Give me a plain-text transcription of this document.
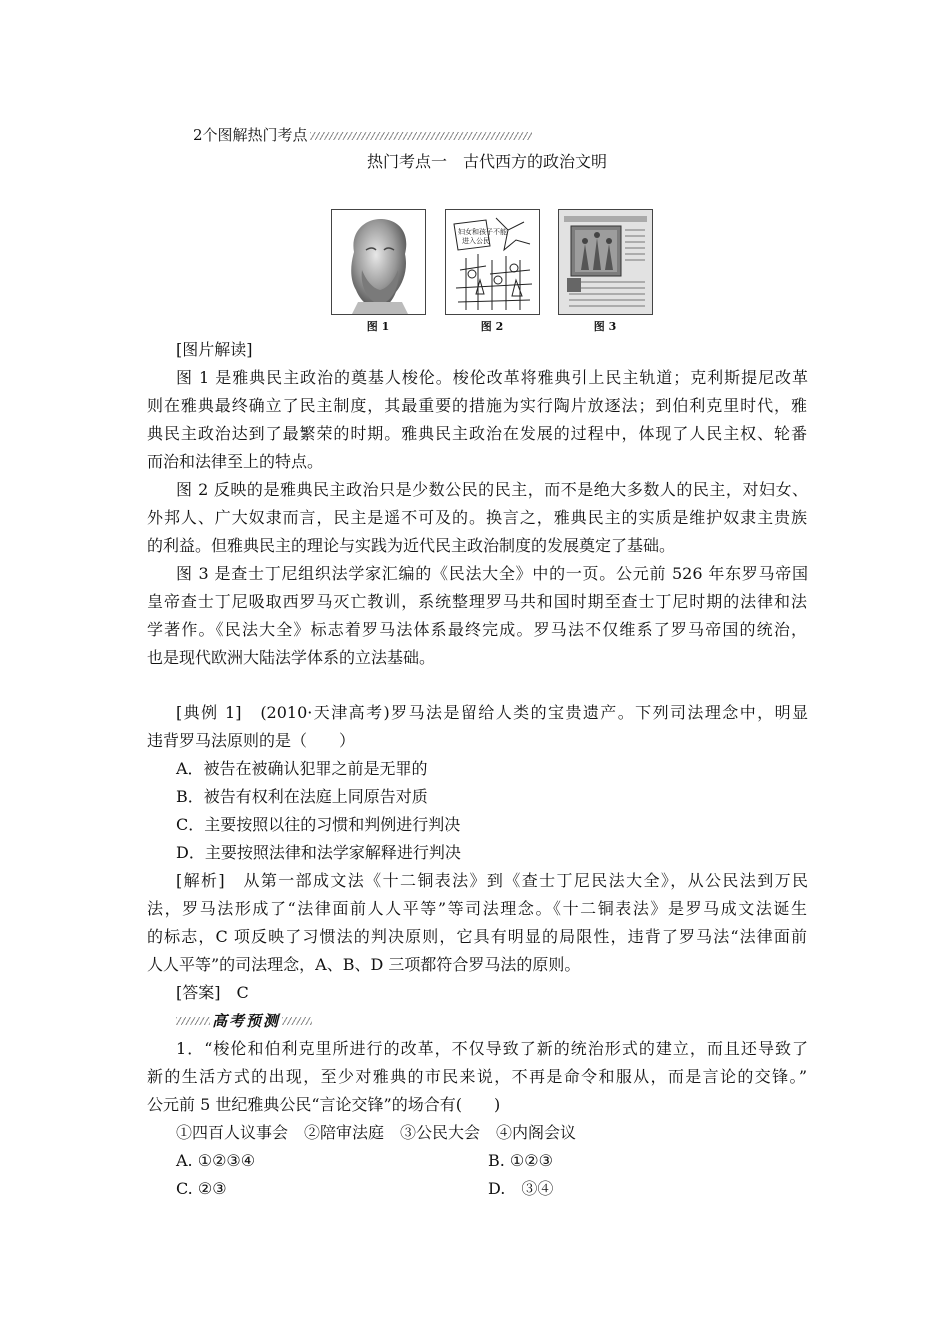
2个图解热门考点
热门考点一　古代西方的政治文明
妇女和孩子不能
进入公民
图 1	图 2	图 3
[图片解读]
图 1 是雅典民主政治的奠基人梭伦。梭伦改革将雅典引上民主轨道；克利斯提尼改革
则在雅典最终确立了民主制度，其最重要的措施为实行陶片放逐法；到伯利克里时代，雅
典民主政治达到了最繁荣的时期。雅典民主政治在发展的过程中，体现了人民主权、轮番
而治和法律至上的特点。
图 2 反映的是雅典民主政治只是少数公民的民主，而不是绝大多数人的民主，对妇女、
外邦人、广大奴隶而言，民主是遥不可及的。换言之，雅典民主的实质是维护奴隶主贵族
的利益。但雅典民主的理论与实践为近代民主政治制度的发展奠定了基础。
图 3 是查士丁尼组织法学家汇编的《民法大全》中的一页。公元前 526 年东罗马帝国
皇帝查士丁尼吸取西罗马灭亡教训，系统整理罗马共和国时期至查士丁尼时期的法律和法
学著作。《民法大全》标志着罗马法体系最终完成。罗马法不仅维系了罗马帝国的统治，
也是现代欧洲大陆法学体系的立法基础。
[典例 1]　(2010·天津高考)罗马法是留给人类的宝贵遗产。下列司法理念中，明显
违背罗马法原则的是（　　）
A．被告在被确认犯罪之前是无罪的
B．被告有权利在法庭上同原告对质
C．主要按照以往的习惯和判例进行判决
D．主要按照法律和法学家解释进行判决
[解析]　从第一部成文法《十二铜表法》到《查士丁尼民法大全》，从公民法到万民
法，罗马法形成了“法律面前人人平等”等司法理念。《十二铜表法》是罗马成文法诞生
的标志，C 项反映了习惯法的判决原则，它具有明显的局限性，违背了罗马法“法律面前
人人平等”的司法理念，A、B、D 三项都符合罗马法的原则。
[答案]　C
高考预测
1．“梭伦和伯利克里所进行的改革，不仅导致了新的统治形式的建立，而且还导致了
新的生活方式的出现，至少对雅典的市民来说，不再是命令和服从，而是言论的交锋。”
公元前 5 世纪雅典公民“言论交锋”的场合有(　　)
①四百人议事会　②陪审法庭　③公民大会　④内阁会议
A. ①②③④	B. ①②③
C. ②③	D.　③④
